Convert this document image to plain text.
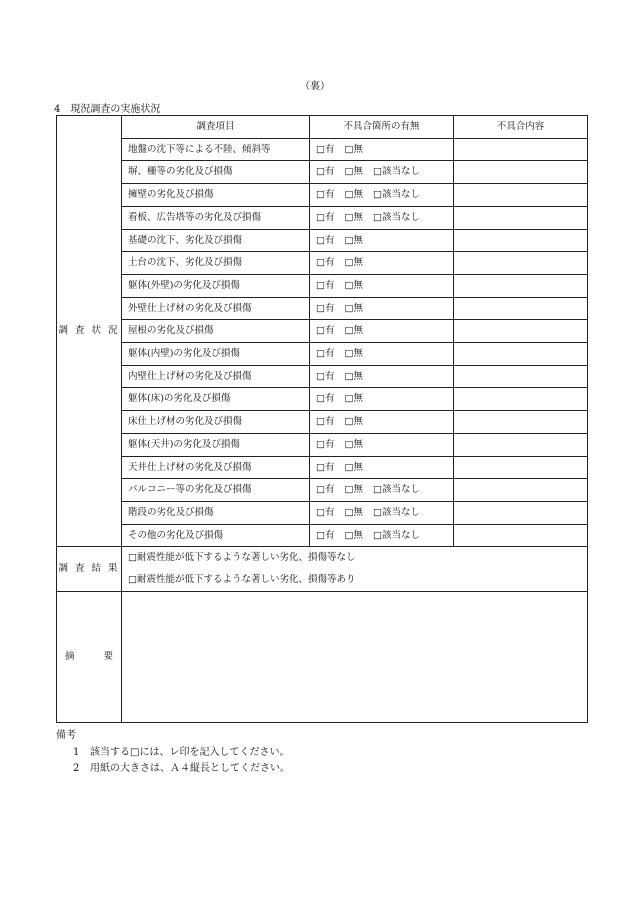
（裏）
4　現況調査の実施状況
調 査 状 況	調査項目	不具合箇所の有無	不具合内容
	地盤の沈下等による不陸、傾斜等	□有 □無	
	塀、柵等の劣化及び損傷	□有 □無 □該当なし	
	擁壁の劣化及び損傷	□有 □無 □該当なし	
	看板、広告塔等の劣化及び損傷	□有 □無 □該当なし	
	基礎の沈下、劣化及び損傷	□有 □無	
	土台の沈下、劣化及び損傷	□有 □無	
	躯体(外壁)の劣化及び損傷	□有 □無	
	外壁仕上げ材の劣化及び損傷	□有 □無	
	屋根の劣化及び損傷	□有 □無	
	躯体(内壁)の劣化及び損傷	□有 □無	
	内壁仕上げ材の劣化及び損傷	□有 □無	
	躯体(床)の劣化及び損傷	□有 □無	
	床仕上げ材の劣化及び損傷	□有 □無	
	躯体(天井)の劣化及び損傷	□有 □無	
	天井仕上げ材の劣化及び損傷	□有 □無	
	バルコニー等の劣化及び損傷	□有 □無 □該当なし	
	階段の劣化及び損傷	□有 □無 □該当なし	
	その他の劣化及び損傷	□有 □無 □該当なし	
調 査 結 果	□耐震性能が低下するような著しい劣化、損傷等なし		
	□耐震性能が低下するような著しい劣化、損傷等あり		

摘 要			

備考
1 該当する□には、レ印を記入してください。
2 用紙の大きさは、Ａ４縦長としてください。
